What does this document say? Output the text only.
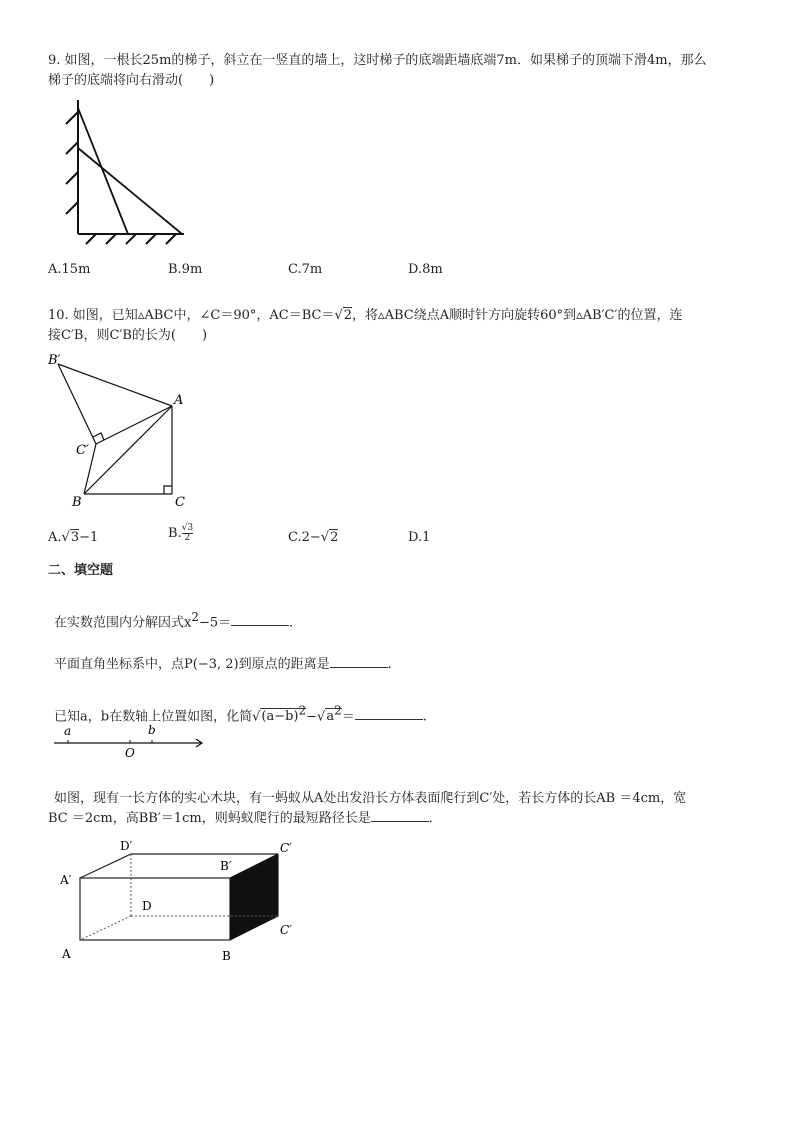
9. 如图，一根长25m的梯子，斜立在一竖直的墙上，这时梯子的底端距墙底端7m．如果梯子的顶端下滑4m，那么
梯子的底端将向右滑动(　　)
A.15m	B.9m	C.7m	D.8m
10. 如图，已知▵ABC中，∠C＝90°，AC＝BC＝√2，将▵ABC绕点A顺时针方向旋转60°到▵AB′C′的位置，连
接C′B，则C′B的长为(　　)
B′
A
C′
B	C
A.√3−1	B. $\frac{√3}{2}$	C.2−√2	D.1
二、填空题
在实数范围内分解因式$x^2-5=$	．
平面直角坐标系中，点P(−3, 2)到原点的距离是	．
已知a，b在数轴上位置如图，化简$√(a-b)^2-√a^2=$	.
a
O
b
如图，现有一长方体的实心木块，有一蚂蚁从A处出发沿长方体表面爬行到C′处，若长方体的长AB ＝4cm，宽
BC ＝2cm，高BB′＝1cm，则蚂蚁爬行的最短路径长是	．
D′
B′
C′
A′
D
C′
A	B
